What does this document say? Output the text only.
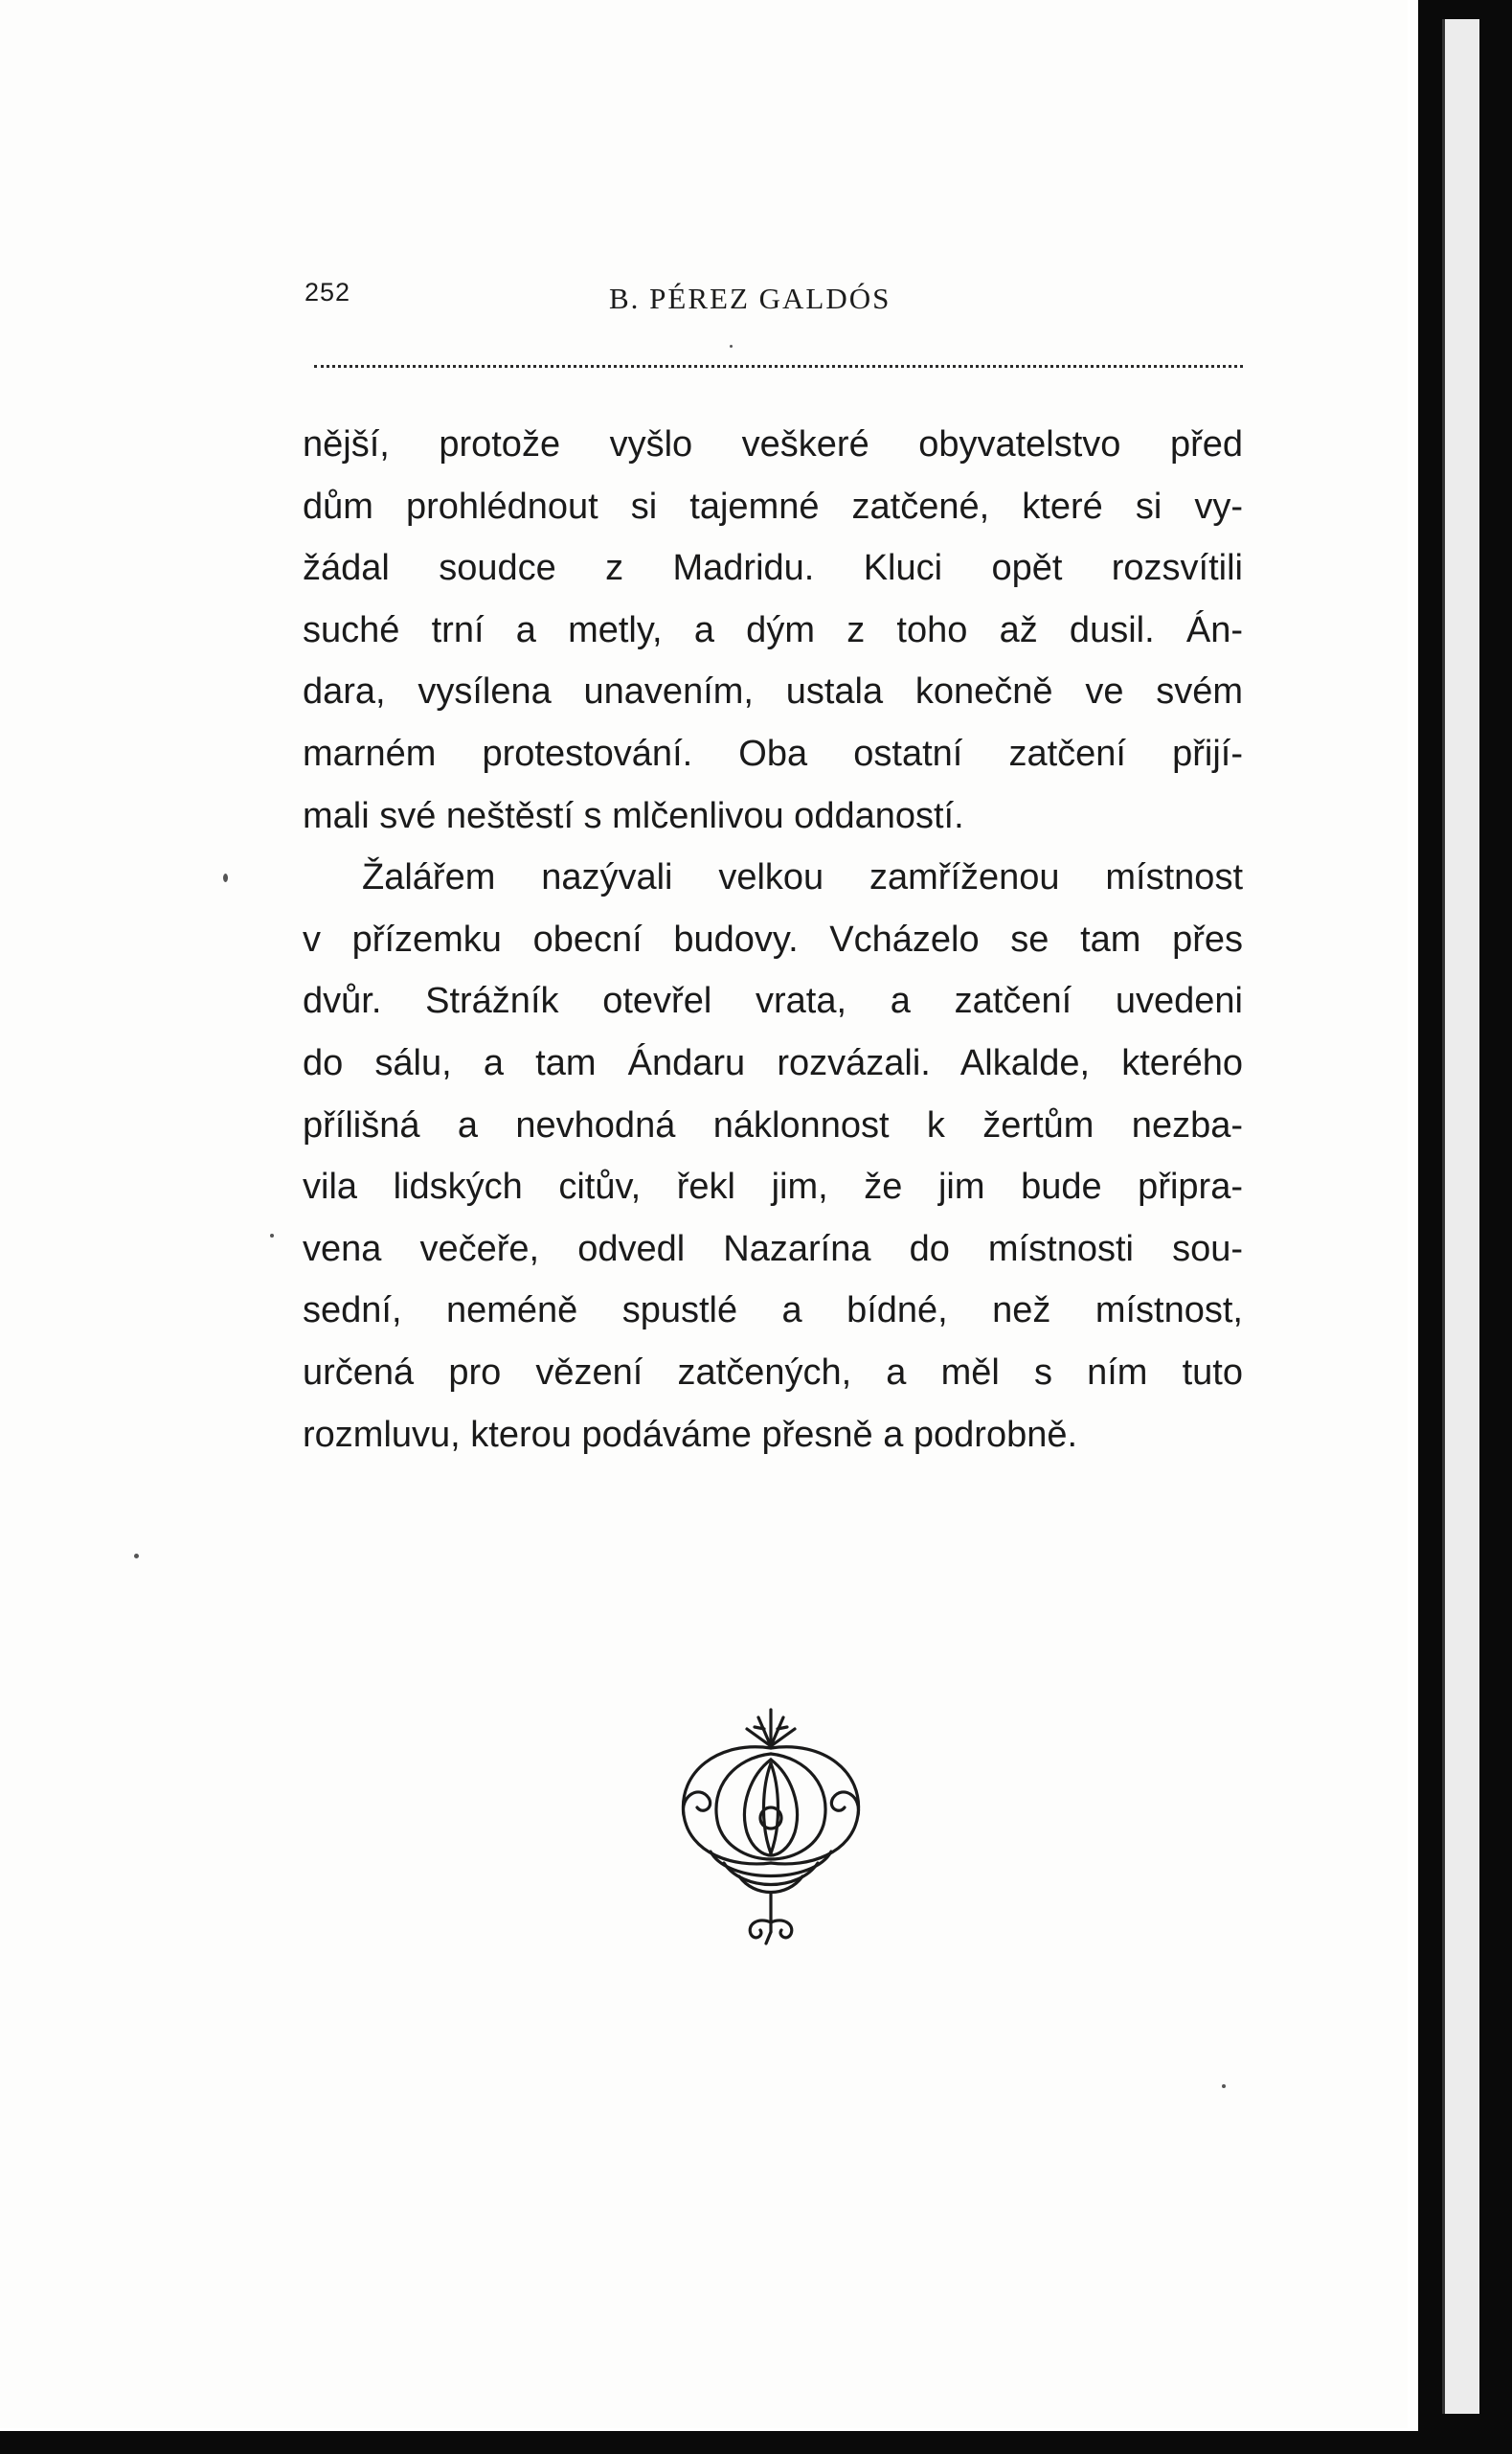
252	B. PÉREZ GALDÓS
nější, protože vyšlo veškeré obyvatelstvo před
dům prohlédnout si tajemné zatčené, které si vy-
žádal soudce z Madridu. Kluci opět rozsvítili
suché trní a metly, a dým z toho až dusil. Án-
dara, vysílena unavením, ustala konečně ve svém
marném protestování. Oba ostatní zatčení přijí-
mali své neštěstí s mlčenlivou oddaností.
Žalářem nazývali velkou zamříženou místnost
v přízemku obecní budovy. Vcházelo se tam přes
dvůr. Strážník otevřel vrata, a zatčení uvedeni
do sálu, a tam Ándaru rozvázali. Alkalde, kterého
přílišná a nevhodná náklonnost k žertům nezba-
vila lidských citův, řekl jim, že jim bude připra-
vena večeře, odvedl Nazarína do místnosti sou-
sední, neméně spustlé a bídné, než místnost,
určená pro vězení zatčených, a měl s ním tuto
rozmluvu, kterou podáváme přesně a podrobně.
